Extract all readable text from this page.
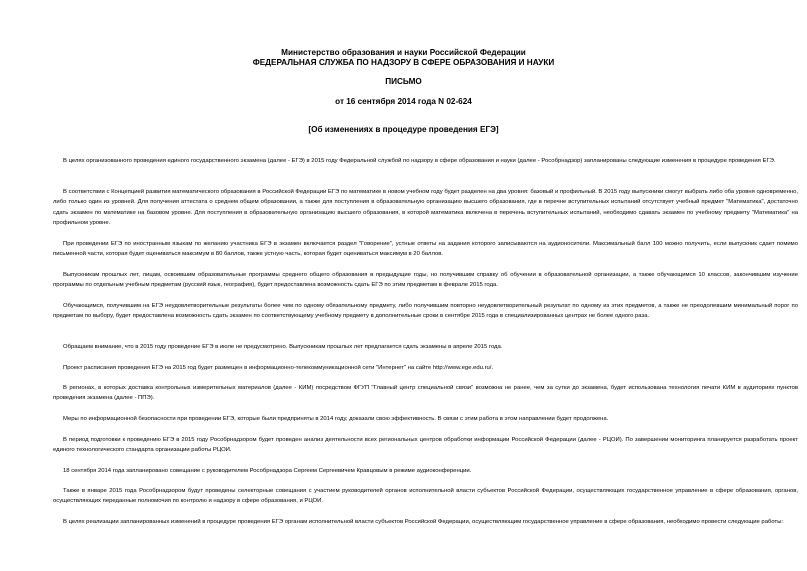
Министерство образования и науки Российской Федерации
ФЕДЕРАЛЬНАЯ СЛУЖБА ПО НАДЗОРУ В СФЕРЕ ОБРАЗОВАНИЯ И НАУКИ
ПИСЬМО
от 16 сентября 2014 года N 02-624
[Об изменениях в процедуре проведения ЕГЭ]

В целях организованного проведения единого государственного экзамена (далее - ЕГЭ) в 2015 году Федеральной службой по надзору в сфере образования и науки (далее - Рособрнадзор) запланированы следующие изменения в процедуре проведения ЕГЭ.

В соответствии с Концепцией развития математического образования в Российской Федерации ЕГЭ по математике в новом учебном году будет разделен на два уровня: базовый и профильный. В 2015 году выпускники смогут выбрать либо оба уровня одновременно, либо только один из уровней. Для получения аттестата о среднем общем образовании, а также для поступления в образовательную организацию высшего образования, где в перечне вступительных испытаний отсутствует учебный предмет "Математика", достаточно сдать экзамен по математике на базовом уровне. Для поступления в образовательную организацию высшего образования, в которой математика включена в перечень вступительных испытаний, необходимо сдавать экзамен по учебному предмету "Математика" на профильном уровне.

При проведении ЕГЭ по иностранным языкам по желанию участника ЕГЭ в экзамен включается раздел "Говорение", устные ответы на задания которого записываются на аудионосители. Максимальный балл 100 можно получить, если выпускник сдает помимо письменной части, которая будет оцениваться максимум в 80 баллов, также устную часть, которая будет оцениваться максимум в 20 баллов.

Выпускникам прошлых лет, лицам, освоившим образовательные программы среднего общего образования в предыдущие годы, но получившим справку об обучении в образовательной организации, а также обучающимся 10 классов, закончившим изучение программы по отдельным учебным предметам (русский язык, география), будет предоставлена возможность сдать ЕГЭ по этим предметам в феврале 2015 года.

Обучающимся, получившим на ЕГЭ неудовлетворительные результаты более чем по одному обязательному предмету, либо получившим повторно неудовлетворительный результат по одному из этих предметов, а также не преодолевшим минимальный порог по предметам по выбору, будет предоставлена возможность сдать экзамен по соответствующему учебному предмету в дополнительные сроки в сентябре 2015 года в специализированных центрах не более одного раза.

Обращаем внимание, что в 2015 году проведение ЕГЭ в июле не предусмотрено. Выпускникам прошлых лет предлагается сдать экзамены в апреле 2015 года.

Проект расписания проведения ЕГЭ на 2015 год будет размещен в информационно-телекоммуникационной сети "Интернет" на сайте http://www.ege.edu.ru/.

В регионах, в которых доставка контрольных измерительных материалов (далее - КИМ) посредством ФГУП "Главный центр специальной связи" возможна не ранее, чем за сутки до экзамена, будет использована технология печати КИМ в аудиториях пунктов проведения экзамена (далее - ППЭ).

Меры по информационной безопасности при проведении ЕГЭ, которые были предприняты в 2014 году, доказали свою эффективность. В связи с этим работа в этом направлении будет продолжена.

В период подготовки к проведению ЕГЭ в 2015 году Рособрнадзором будет проведен анализ деятельности всех региональных центров обработки информации Российской Федерации (далее - РЦОИ). По завершении мониторинга планируется разработать проект единого технологического стандарта организации работы РЦОИ.

18 сентября 2014 года запланировано совещание с руководителем Рособрнадзора Сергеем Сергеевичем Кравцовым в режиме аудиоконференции.

Также в январе 2015 года Рособрнадзором будут проведены селекторные совещания с участием руководителей органов исполнительной власти субъектов Российской Федерации, осуществляющих государственное управление в сфере образования, органов, осуществляющих переданные полномочия по контролю и надзору в сфере образования, и РЦОИ.

В целях реализации запланированных изменений в процедуре проведения ЕГЭ органам исполнительной власти субъектов Российской Федерации, осуществляющим государственное управление в сфере образования, необходимо провести следующие работы:
